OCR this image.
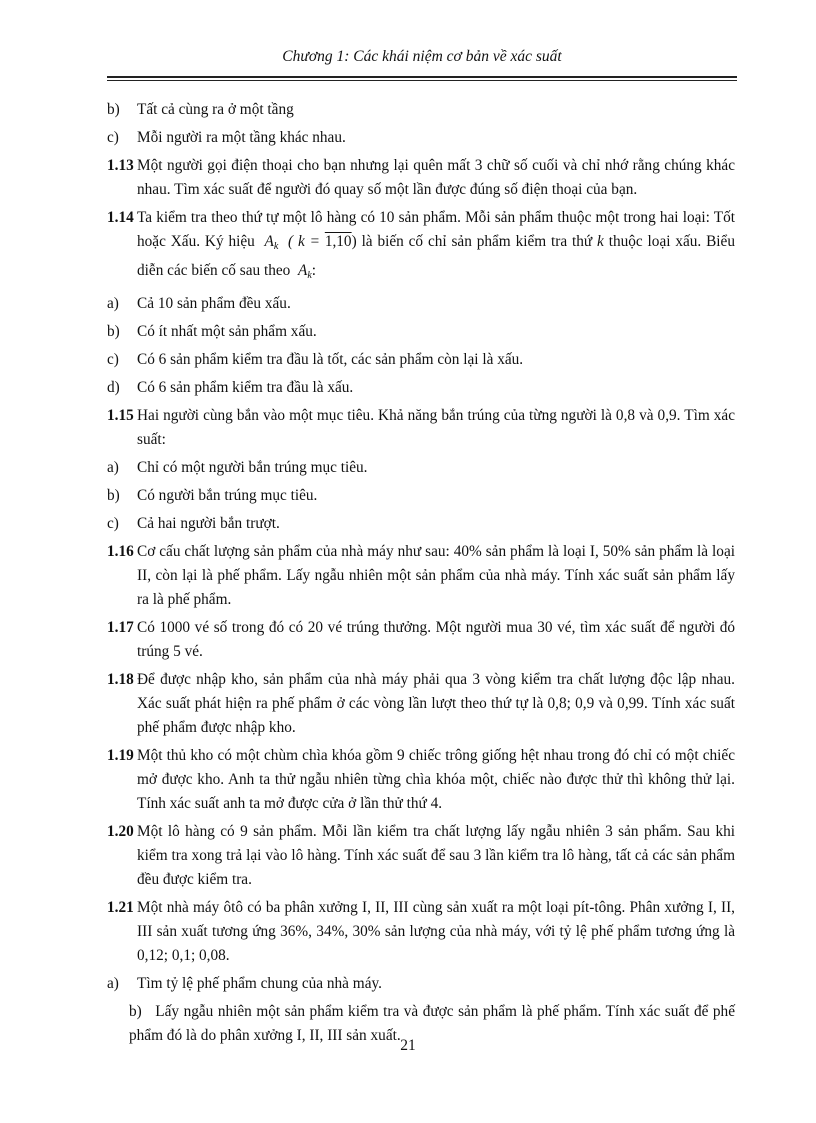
Chương 1: Các khái niệm cơ bản về xác suất
b) Tất cả cùng ra ở một tầng
c) Mỗi người ra một tầng khác nhau.
1.13 Một người gọi điện thoại cho bạn nhưng lại quên mất 3 chữ số cuối và chỉ nhớ rằng chúng khác nhau. Tìm xác suất để người đó quay số một lần được đúng số điện thoại của bạn.
1.14 Ta kiểm tra theo thứ tự một lô hàng có 10 sản phẩm. Mỗi sản phẩm thuộc một trong hai loại: Tốt hoặc Xấu. Ký hiệu $A_k$ ( k = 1,10) là biến cố chỉ sản phẩm kiểm tra thứ k thuộc loại xấu. Biểu diễn các biến cố sau theo $A_k$:
a) Cả 10 sản phẩm đều xấu.
b) Có ít nhất một sản phẩm xấu.
c) Có 6 sản phẩm kiểm tra đầu là tốt, các sản phẩm còn lại là xấu.
d) Có 6 sản phẩm kiểm tra đầu là xấu.
1.15 Hai người cùng bắn vào một mục tiêu. Khả năng bắn trúng của từng người là 0,8 và 0,9. Tìm xác suất:
a) Chỉ có một người bắn trúng mục tiêu.
b) Có người bắn trúng mục tiêu.
c) Cả hai người bắn trượt.
1.16 Cơ cấu chất lượng sản phẩm của nhà máy như sau: 40% sản phẩm là loại I, 50% sản phẩm là loại II, còn lại là phế phẩm. Lấy ngẫu nhiên một sản phẩm của nhà máy. Tính xác suất sản phẩm lấy ra là phế phẩm.
1.17 Có 1000 vé số trong đó có 20 vé trúng thưởng. Một người mua 30 vé, tìm xác suất để người đó trúng 5 vé.
1.18 Để được nhập kho, sản phẩm của nhà máy phải qua 3 vòng kiểm tra chất lượng độc lập nhau. Xác suất phát hiện ra phế phẩm ở các vòng lần lượt theo thứ tự là 0,8; 0,9 và 0,99. Tính xác suất phế phẩm được nhập kho.
1.19 Một thủ kho có một chùm chìa khóa gồm 9 chiếc trông giống hệt nhau trong đó chỉ có một chiếc mở được kho. Anh ta thử ngẫu nhiên từng chìa khóa một, chiếc nào được thử thì không thử lại. Tính xác suất anh ta mở được cửa ở lần thử thứ 4.
1.20 Một lô hàng có 9 sản phẩm. Mỗi lần kiểm tra chất lượng lấy ngẫu nhiên 3 sản phẩm. Sau khi kiểm tra xong trả lại vào lô hàng. Tính xác suất để sau 3 lần kiểm tra lô hàng, tất cả các sản phẩm đều được kiểm tra.
1.21 Một nhà máy ôtô có ba phân xưởng I, II, III cùng sản xuất ra một loại pít-tông. Phân xưởng I, II, III sản xuất tương ứng 36%, 34%, 30% sản lượng của nhà máy, với tỷ lệ phế phẩm tương ứng là 0,12; 0,1; 0,08.
a) Tìm tỷ lệ phế phẩm chung của nhà máy.
b) Lấy ngẫu nhiên một sản phẩm kiểm tra và được sản phẩm là phế phẩm. Tính xác suất để phế phẩm đó là do phân xưởng I, II, III sản xuất.
21
